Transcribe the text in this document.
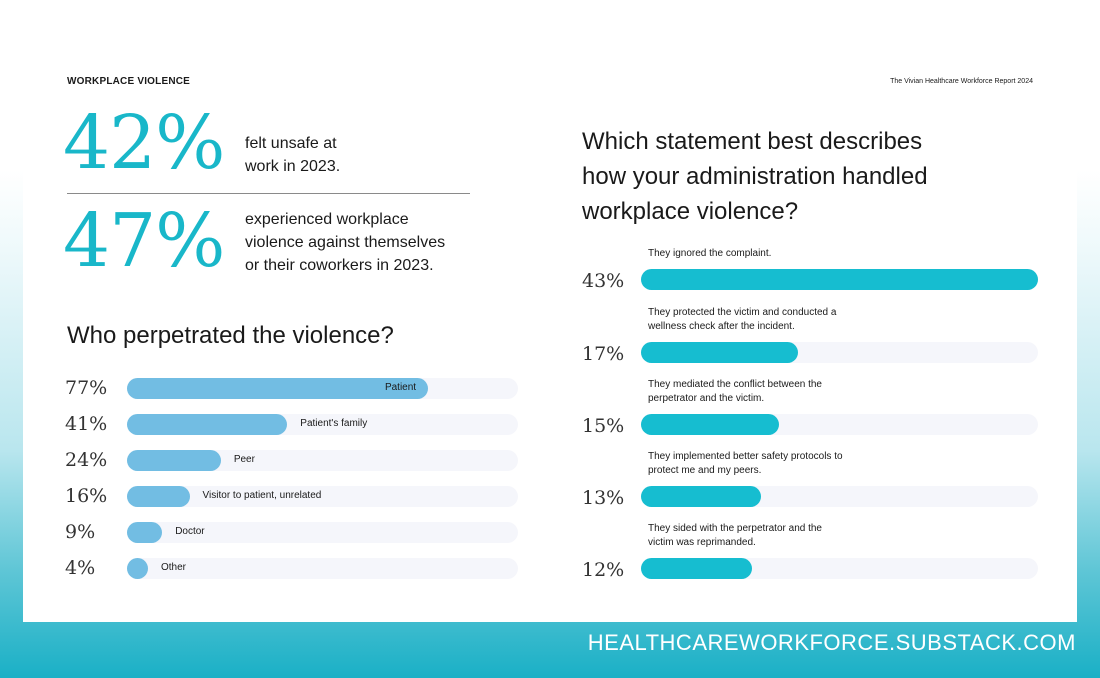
WORKPLACE VIOLENCE	The Vivian Healthcare Workforce Report 2024
42% felt unsafe at
work in 2023.
47% experienced workplace
violence against themselves
or their coworkers in 2023.
Who perpetrated the violence?
77%	Patient
41%	Patient's family
24%	Peer
16%	Visitor to patient, unrelated
9%	Doctor
4%	Other
Which statement best describes
how your administration handled
workplace violence?
They ignored the complaint.
43%
They protected the victim and conducted a
wellness check after the incident.
17%
They mediated the conflict between the
perpetrator and the victim.
15%
They implemented better safety protocols to
protect me and my peers.
13%
They sided with the perpetrator and the
victim was reprimanded.
12%
HEALTHCAREWORKFORCE.SUBSTACK.COM
